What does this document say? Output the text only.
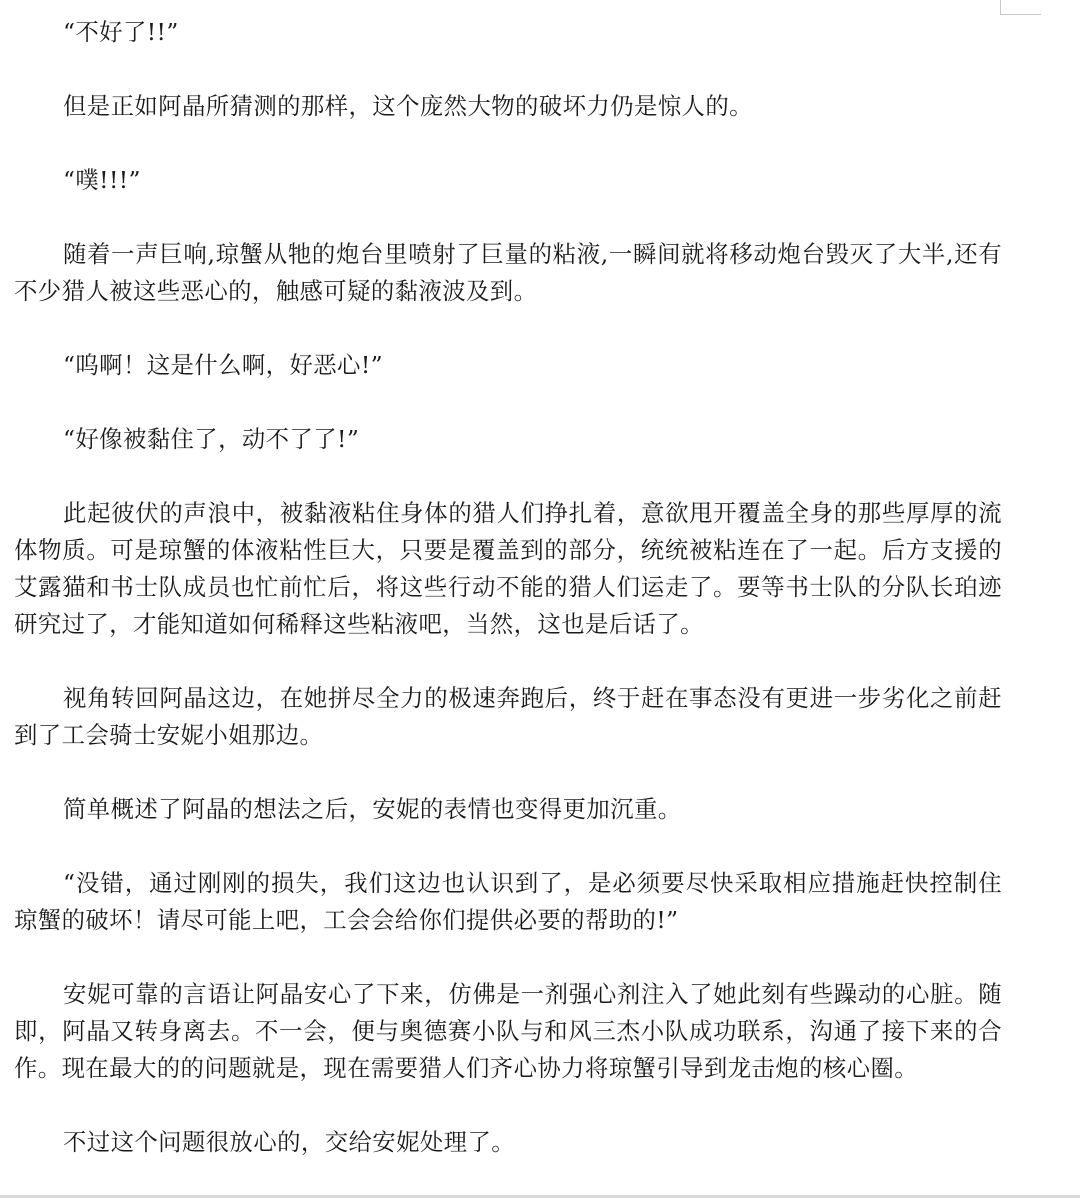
“不好了!!”

但是正如阿晶所猜测的那样，这个庞然大物的破坏力仍是惊人的。

“噗!!!”

随着一声巨响,琼蟹从牠的炮台里喷射了巨量的粘液,一瞬间就将移动炮台毁灭了大半,还有不少猎人被这些恶心的，触感可疑的黏液波及到。

“呜啊！这是什么啊，好恶心!”

“好像被黏住了，动不了了!”

此起彼伏的声浪中，被黏液粘住身体的猎人们挣扎着，意欲甩开覆盖全身的那些厚厚的流体物质。可是琼蟹的体液粘性巨大，只要是覆盖到的部分，统统被粘连在了一起。后方支援的艾露猫和书士队成员也忙前忙后，将这些行动不能的猎人们运走了。要等书士队的分队长珀迹研究过了，才能知道如何稀释这些粘液吧，当然，这也是后话了。

视角转回阿晶这边，在她拼尽全力的极速奔跑后，终于赶在事态没有更进一步劣化之前赶到了工会骑士安妮小姐那边。

简单概述了阿晶的想法之后，安妮的表情也变得更加沉重。

“没错，通过刚刚的损失，我们这边也认识到了，是必须要尽快采取相应措施赶快控制住琼蟹的破坏！请尽可能上吧，工会会给你们提供必要的帮助的!”

安妮可靠的言语让阿晶安心了下来，仿佛是一剂强心剂注入了她此刻有些躁动的心脏。随即，阿晶又转身离去。不一会，便与奥德赛小队与和风三杰小队成功联系，沟通了接下来的合作。现在最大的的问题就是，现在需要猎人们齐心协力将琼蟹引导到龙击炮的核心圈。

不过这个问题很放心的，交给安妮处理了。
